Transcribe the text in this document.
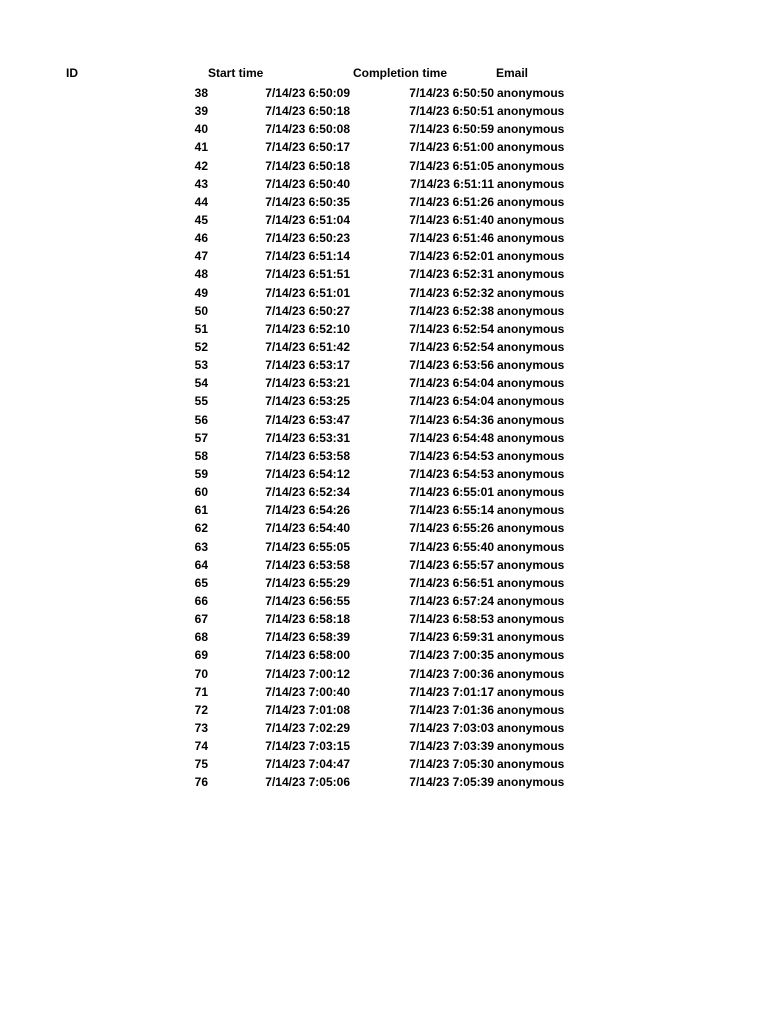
ID	Start time	Completion time	Email
38	7/14/23 6:50:09	7/14/23 6:50:50 anonymous
39	7/14/23 6:50:18	7/14/23 6:50:51 anonymous
40	7/14/23 6:50:08	7/14/23 6:50:59 anonymous
41	7/14/23 6:50:17	7/14/23 6:51:00 anonymous
42	7/14/23 6:50:18	7/14/23 6:51:05 anonymous
43	7/14/23 6:50:40	7/14/23 6:51:11 anonymous
44	7/14/23 6:50:35	7/14/23 6:51:26 anonymous
45	7/14/23 6:51:04	7/14/23 6:51:40 anonymous
46	7/14/23 6:50:23	7/14/23 6:51:46 anonymous
47	7/14/23 6:51:14	7/14/23 6:52:01 anonymous
48	7/14/23 6:51:51	7/14/23 6:52:31 anonymous
49	7/14/23 6:51:01	7/14/23 6:52:32 anonymous
50	7/14/23 6:50:27	7/14/23 6:52:38 anonymous
51	7/14/23 6:52:10	7/14/23 6:52:54 anonymous
52	7/14/23 6:51:42	7/14/23 6:52:54 anonymous
53	7/14/23 6:53:17	7/14/23 6:53:56 anonymous
54	7/14/23 6:53:21	7/14/23 6:54:04 anonymous
55	7/14/23 6:53:25	7/14/23 6:54:04 anonymous
56	7/14/23 6:53:47	7/14/23 6:54:36 anonymous
57	7/14/23 6:53:31	7/14/23 6:54:48 anonymous
58	7/14/23 6:53:58	7/14/23 6:54:53 anonymous
59	7/14/23 6:54:12	7/14/23 6:54:53 anonymous
60	7/14/23 6:52:34	7/14/23 6:55:01 anonymous
61	7/14/23 6:54:26	7/14/23 6:55:14 anonymous
62	7/14/23 6:54:40	7/14/23 6:55:26 anonymous
63	7/14/23 6:55:05	7/14/23 6:55:40 anonymous
64	7/14/23 6:53:58	7/14/23 6:55:57 anonymous
65	7/14/23 6:55:29	7/14/23 6:56:51 anonymous
66	7/14/23 6:56:55	7/14/23 6:57:24 anonymous
67	7/14/23 6:58:18	7/14/23 6:58:53 anonymous
68	7/14/23 6:58:39	7/14/23 6:59:31 anonymous
69	7/14/23 6:58:00	7/14/23 7:00:35 anonymous
70	7/14/23 7:00:12	7/14/23 7:00:36 anonymous
71	7/14/23 7:00:40	7/14/23 7:01:17 anonymous
72	7/14/23 7:01:08	7/14/23 7:01:36 anonymous
73	7/14/23 7:02:29	7/14/23 7:03:03 anonymous
74	7/14/23 7:03:15	7/14/23 7:03:39 anonymous
75	7/14/23 7:04:47	7/14/23 7:05:30 anonymous
76	7/14/23 7:05:06	7/14/23 7:05:39 anonymous
